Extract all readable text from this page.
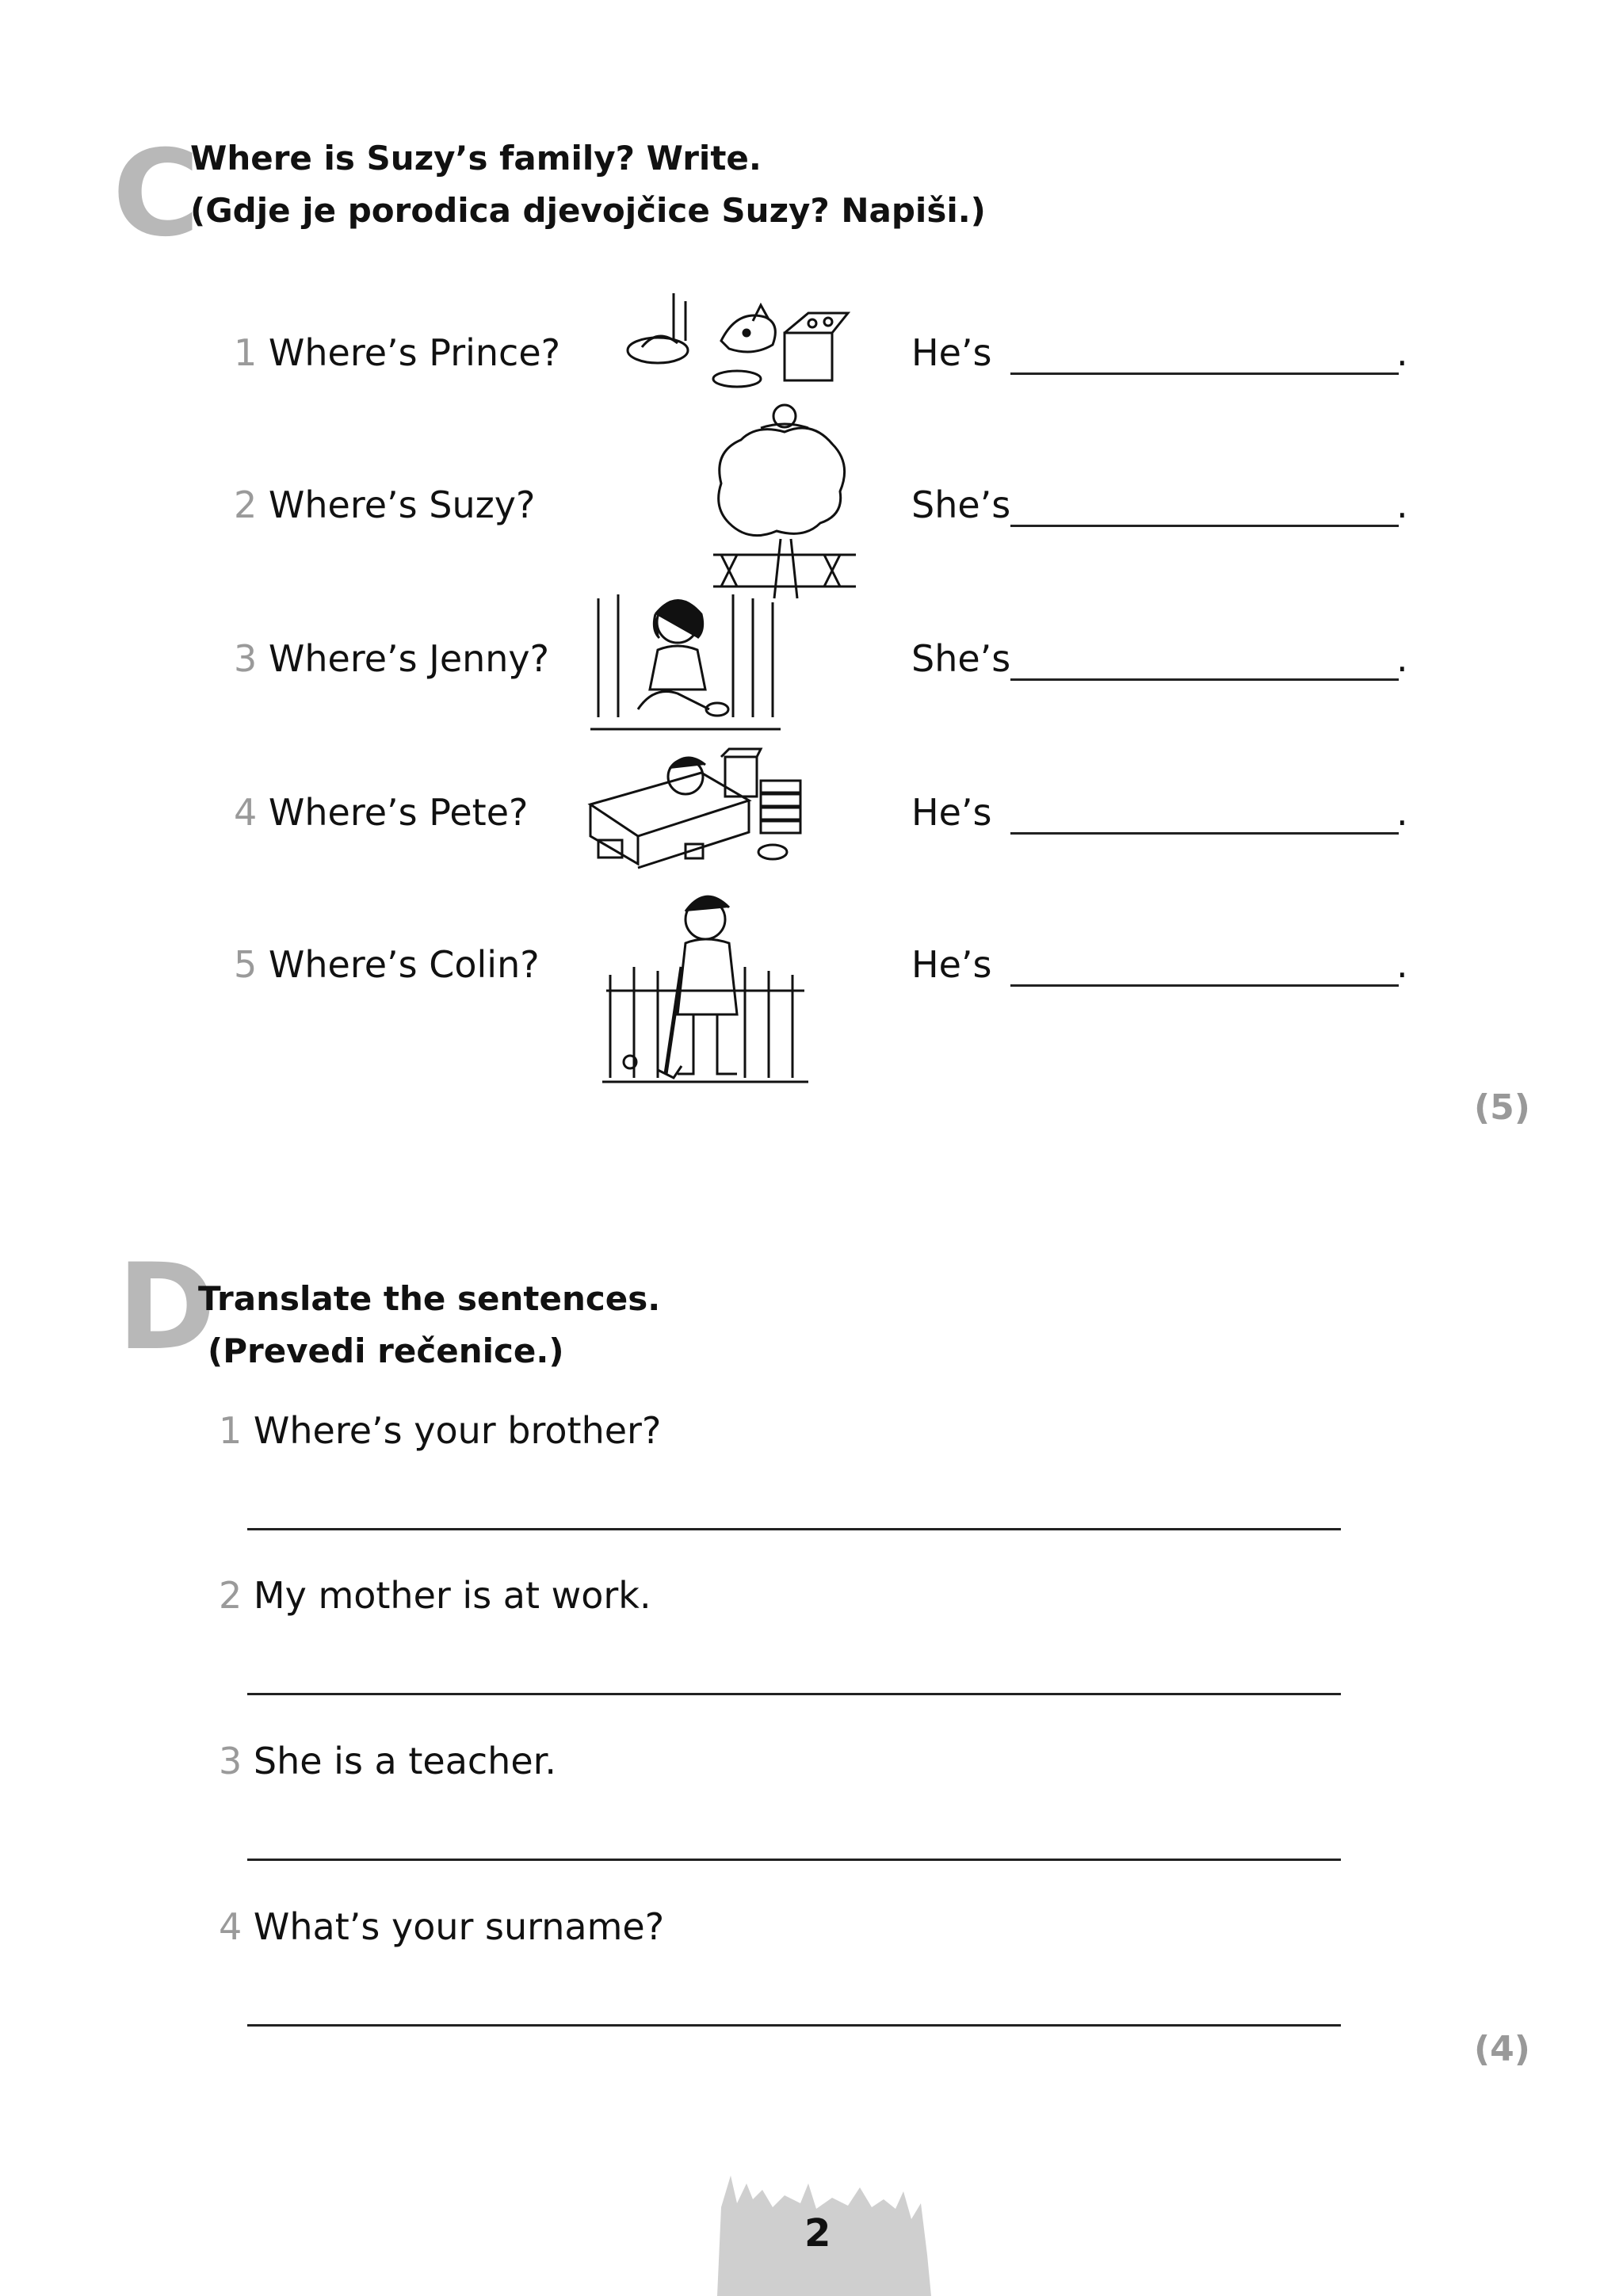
C
Where is Suzy’s family? Write.
(Gdje je porodica djevojčice Suzy? Napiši.)
1 Where’s Prince?	He’s	.
2 Where’s Suzy?	She’s	.
3 Where’s Jenny?	She’s	.
4 Where’s Pete?	He’s	.
5 Where’s Colin?	He’s	.
(5)
D
Translate the sentences.
(Prevedi rečenice.)
1 Where’s your brother?
2 My mother is at work.
3 She is a teacher.
4 What’s your surname?
(4)
2
